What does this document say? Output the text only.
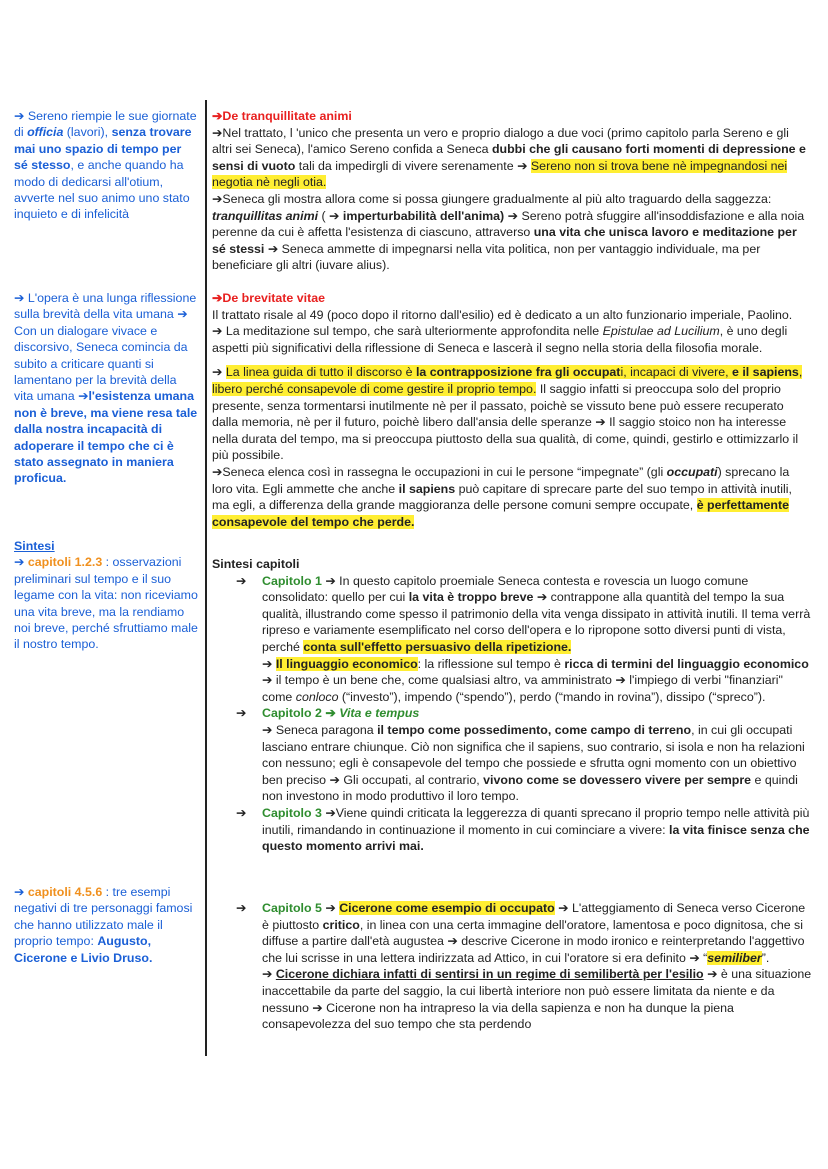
➔ Sereno riempie le sue giornate di officia (lavori), senza trovare mai uno spazio di tempo per sé stesso, e anche quando ha modo di dedicarsi all'otium, avverte nel suo animo uno stato inquieto e di infelicità
➔ L'opera è una lunga riflessione sulla brevità della vita umana ➔ Con un dialogare vivace e discorsivo, Seneca comincia da subito a criticare quanti si lamentano per la brevità della vita umana ➔l'esistenza umana non è breve, ma viene resa tale dalla nostra incapacità di adoperare il tempo che ci è stato assegnato in maniera proficua.
Sintesi
➔ capitoli 1.2.3 : osservazioni preliminari sul tempo e il suo legame con la vita: non riceviamo una vita breve, ma la rendiamo noi breve, perché sfruttiamo male il nostro tempo.
➔ capitoli 4.5.6 : tre esempi negativi di tre personaggi famosi che hanno utilizzato male il proprio tempo: Augusto, Cicerone e Livio Druso.
➔De tranquillitate animi
➔Nel trattato, l 'unico che presenta un vero e proprio dialogo a due voci (primo capitolo parla Sereno e gli altri sei Seneca), l'amico Sereno confida a Seneca dubbi che gli causano forti momenti di depressione e sensi di vuoto tali da impedirgli di vivere serenamente ➔ Sereno non si trova bene nè impegnandosi nei negotia nè negli otia.
➔Seneca gli mostra allora come si possa giungere gradualmente al più alto traguardo della saggezza: tranquillitas animi ( ➔ imperturbabilità dell'anima) ➔ Sereno potrà sfuggire all'insoddisfazione e alla noia perenne da cui è affetta l'esistenza di ciascuno, attraverso una vita che unisca lavoro e meditazione per sé stessi ➔ Seneca ammette di impegnarsi nella vita politica, non per vantaggio individuale, ma per beneficiare gli altri (iuvare alius).
➔De brevitate vitae
Il trattato risale al 49 (poco dopo il ritorno dall'esilio) ed è dedicato a un alto funzionario imperiale, Paolino.
➔ La meditazione sul tempo, che sarà ulteriormente approfondita nelle Epistulae ad Lucilium, è uno degli aspetti più significativi della riflessione di Seneca e lascerà il segno nella storia della filosofia morale.
➔ La linea guida di tutto il discorso è la contrapposizione fra gli occupati, incapaci di vivere, e il sapiens, libero perché consapevole di come gestire il proprio tempo. Il saggio infatti si preoccupa solo del proprio presente, senza tormentarsi inutilmente nè per il passato, poichè se vissuto bene può essere recuperato dalla memoria, nè per il futuro, poichè libero dall'ansia delle speranze ➔ Il saggio stoico non ha interesse nella durata del tempo, ma si preoccupa piuttosto della sua qualità, di come, quindi, gestirlo e ottimizzarlo il più possibile.
➔Seneca elenca così in rassegna le occupazioni in cui le persone “impegnate” (gli occupati) sprecano la loro vita. Egli ammette che anche il sapiens può capitare di sprecare parte del suo tempo in attività inutili, ma egli, a differenza della grande maggioranza delle persone comuni sempre occupate, è perfettamente consapevole del tempo che perde.
Sintesi capitoli
➔ Capitolo 1 ➔ In questo capitolo proemiale Seneca contesta e rovescia un luogo comune consolidato: quello per cui la vita è troppo breve ➔ contrappone alla quantità del tempo la sua qualità, illustrando come spesso il patrimonio della vita venga dissipato in attività inutili. Il tema verrà ripreso e variamente esemplificato nel corso dell'opera e lo ripropone sotto diversi punti di vista, perché conta sull'effetto persuasivo della ripetizione.
➔ Il linguaggio economico: la riflessione sul tempo è ricca di termini del linguaggio economico ➔ il tempo è un bene che, come qualsiasi altro, va amministrato ➔ l'impiego di verbi "finanziari" come conloco (“investo”), impendo (“spendo”), perdo (“mando in rovina”), dissipo (“spreco”).
➔ Capitolo 2 ➔ Vita e tempus
➔ Seneca paragona il tempo come possedimento, come campo di terreno, in cui gli occupati lasciano entrare chiunque. Ciò non significa che il sapiens, suo contrario, si isola e non ha relazioni con nessuno; egli è consapevole del tempo che possiede e sfrutta ogni momento con un obiettivo ben preciso ➔ Gli occupati, al contrario, vivono come se dovessero vivere per sempre e quindi non investono in modo produttivo il loro tempo.
➔ Capitolo 3 ➔Viene quindi criticata la leggerezza di quanti sprecano il proprio tempo nelle attività più inutili, rimandando in continuazione il momento in cui cominciare a vivere: la vita finisce senza che questo momento arrivi mai.
➔ Capitolo 5 ➔ Cicerone come esempio di occupato ➔ L'atteggiamento di Seneca verso Cicerone è piuttosto critico, in linea con una certa immagine dell'oratore, lamentosa e poco dignitosa, che si diffuse a partire dall'età augustea ➔ descrive Cicerone in modo ironico e reinterpretando l'aggettivo che lui scrisse in una lettera indirizzata ad Attico, in cui l'oratore si era definito ➔ “semiliber”.
➔ Cicerone dichiara infatti di sentirsi in un regime di semilibertà per l'esilio ➔ è una situazione inaccettabile da parte del saggio, la cui libertà interiore non può essere limitata da niente e da nessuno ➔ Cicerone non ha intrapreso la via della sapienza e non ha dunque la piena consapevolezza del suo tempo che sta perdendo
